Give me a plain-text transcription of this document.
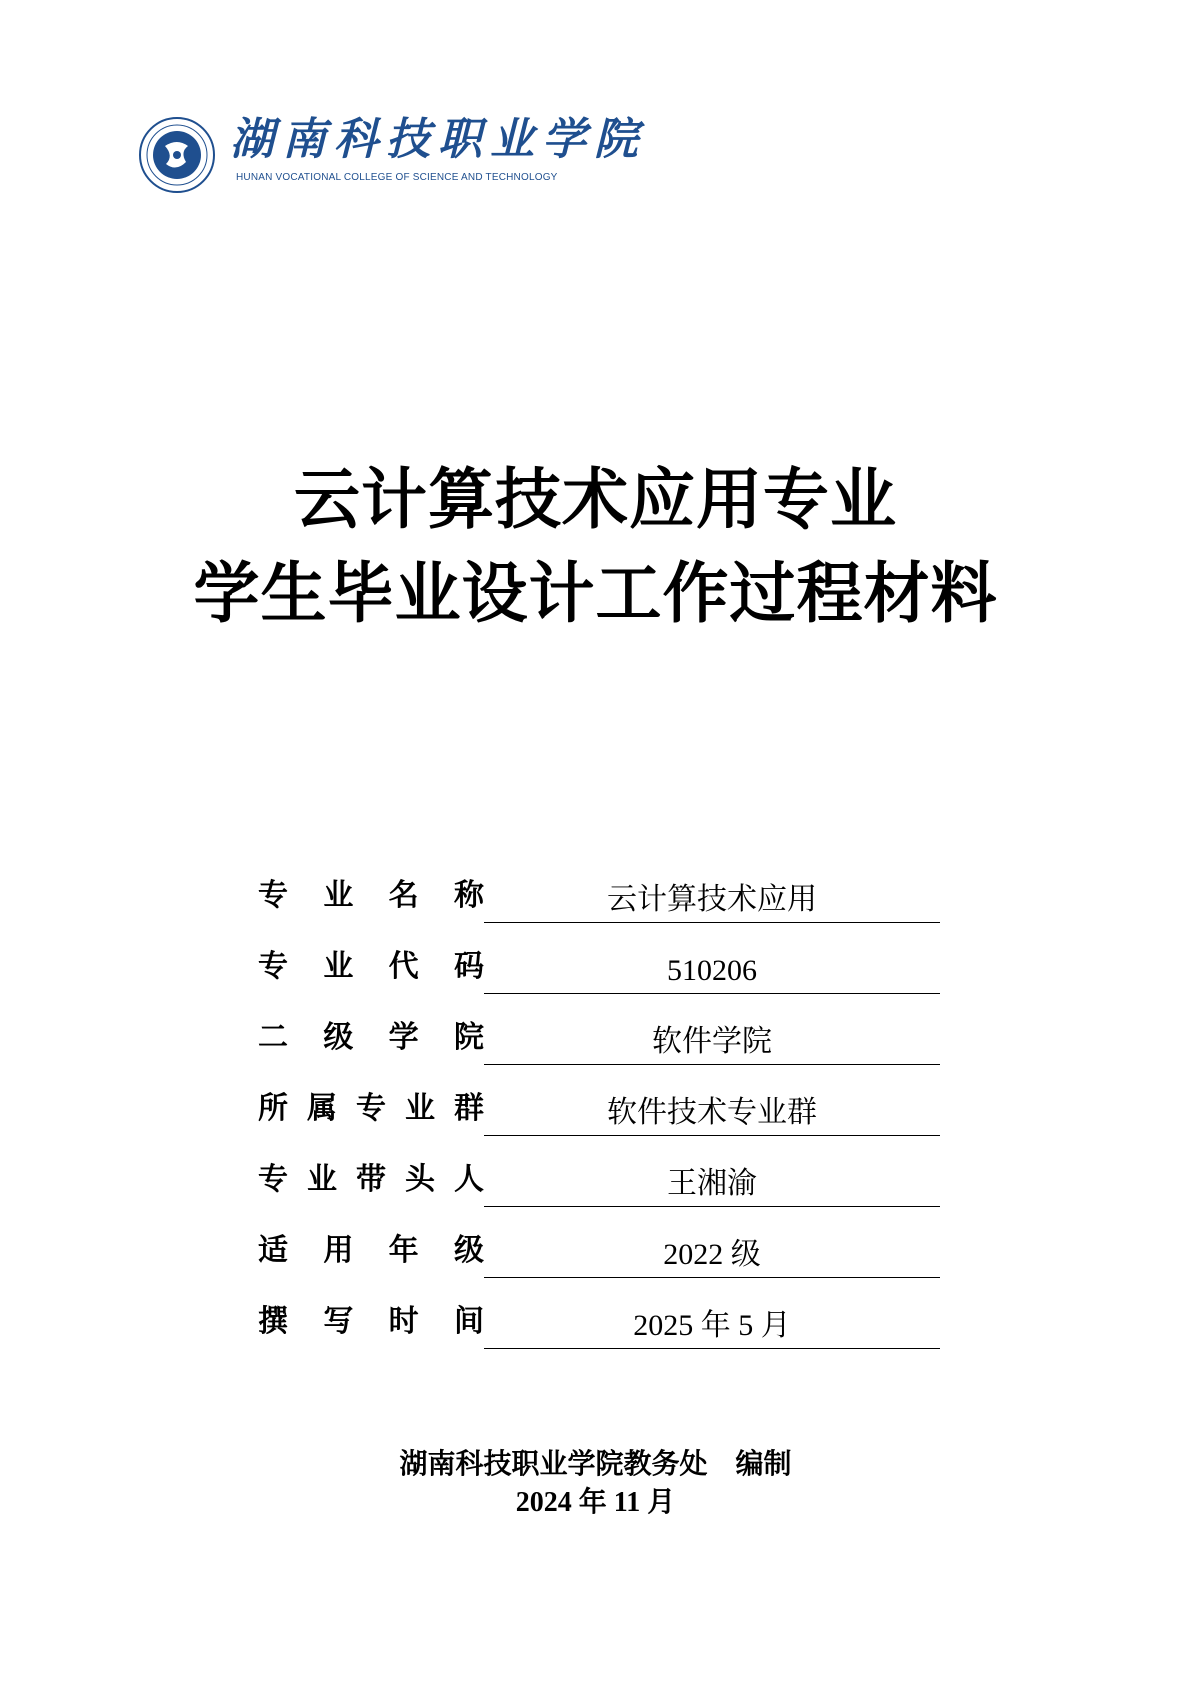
湖南科技职业学院
HUNAN VOCATIONAL COLLEGE OF SCIENCE AND TECHNOLOGY
云计算技术应用专业
学生毕业设计工作过程材料
专 业 名 称	云计算技术应用
专 业 代 码	510206
二 级 学 院	软件学院
所 属 专 业 群	软件技术专业群
专 业 带 头 人	王湘渝
适 用 年 级	2022 级
撰 写 时 间	2025 年 5 月
湖南科技职业学院教务处　编制
2024 年 11 月
